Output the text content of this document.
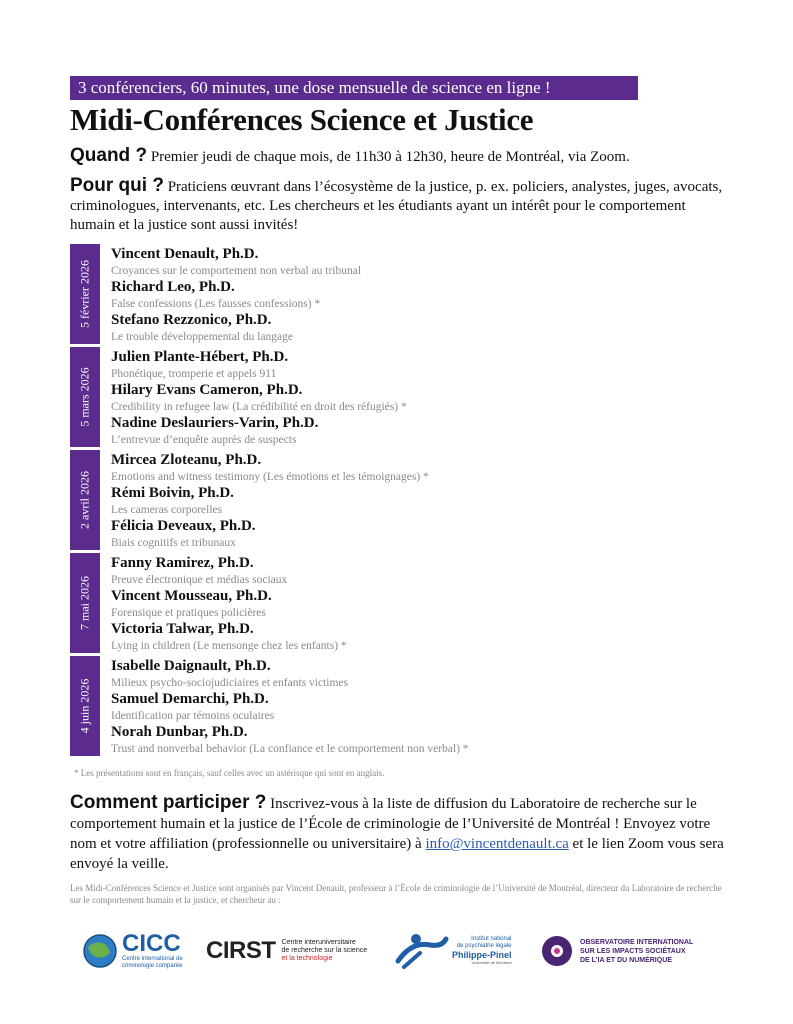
3 conférenciers, 60 minutes, une dose mensuelle de science en ligne !
Midi-Conférences Science et Justice
Quand ? Premier jeudi de chaque mois, de 11h30 à 12h30, heure de Montréal, via Zoom.
Pour qui ? Praticiens œuvrant dans l’écosystème de la justice, p. ex. policiers, analystes, juges, avocats, criminologues, intervenants, etc. Les chercheurs et les étudiants ayant un intérêt pour le comportement humain et la justice sont aussi invités!
5 février 2026
Vincent Denault, Ph.D.
Croyances sur le comportement non verbal au tribunal
Richard Leo, Ph.D.
False confessions (Les fausses confessions) *
Stefano Rezzonico, Ph.D.
Le trouble développemental du langage
5 mars 2026
Julien Plante-Hébert, Ph.D.
Phonétique, tromperie et appels 911
Hilary Evans Cameron, Ph.D.
Credibility in refugee law (La crédibilité en droit des réfugiés) *
Nadine Deslauriers-Varin, Ph.D.
L’entrevue d’enquête auprès de suspects
2 avril 2026
Mircea Zloteanu, Ph.D.
Emotions and witness testimony (Les émotions et les témoignages) *
Rémi Boivin, Ph.D.
Les cameras corporelles
Félicia Deveaux, Ph.D.
Biais cognitifs et tribunaux
7 mai 2026
Fanny Ramirez, Ph.D.
Preuve électronique et médias sociaux
Vincent Mousseau, Ph.D.
Forensique et pratiques policières
Victoria Talwar, Ph.D.
Lying in children (Le mensonge chez les enfants) *
4 juin 2026
Isabelle Daignault, Ph.D.
Milieux psycho-sociojudiciaires et enfants victimes
Samuel Demarchi, Ph.D.
Identification par témoins oculaires
Norah Dunbar, Ph.D.
Trust and nonverbal behavior (La confiance et le comportement non verbal) *
* Les présentations sont en français, sauf celles avec un astérisque qui sont en anglais.
Comment participer ? Inscrivez-vous à la liste de diffusion du Laboratoire de recherche sur le comportement humain et la justice de l’École de criminologie de l’Université de Montréal ! Envoyez votre nom et votre affiliation (professionnelle ou universitaire) à info@vincentdenault.ca et le lien Zoom vous sera envoyé la veille.
Les Midi-Conférences Science et Justice sont organisés par Vincent Denault, professeur à l’École de criminologie de l’Université de Montréal, directeur du Laboratoire de recherche sur le comportement humain et la justice, et chercheur au :
CICC
Centre international de
criminologie comparée
CIRST Centre interuniversitaire
de recherche sur la science
et la technologie
Institut national
de psychiatrie légale
Philippe-Pinel
Université de Montréal
OBSERVATOIRE INTERNATIONAL
SUR LES IMPACTS SOCIÉTAUX
DE L’IA ET DU NUMÉRIQUE
